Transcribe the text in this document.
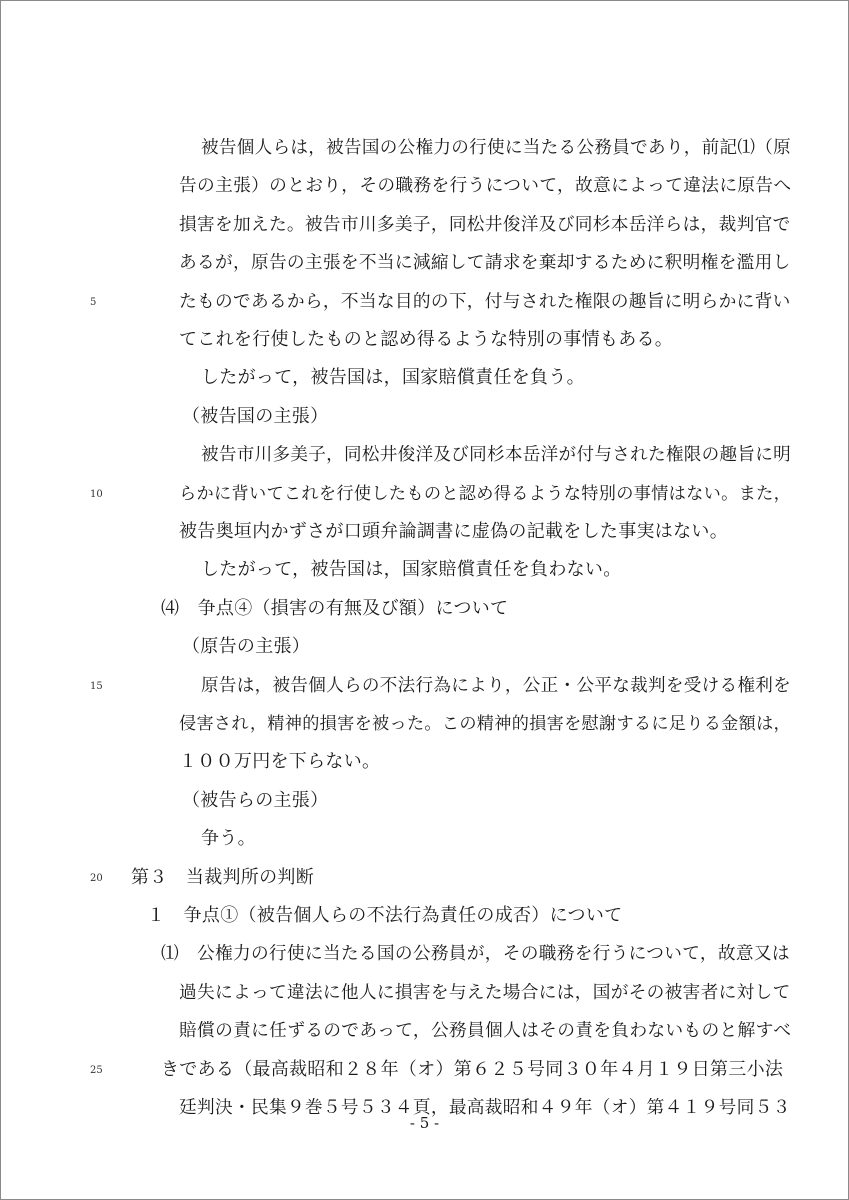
被告個人らは，被告国の公権力の行使に当たる公務員であり，前記⑴（原
告の主張）のとおり，その職務を行うについて，故意によって違法に原告へ
損害を加えた。被告市川多美子，同松井俊洋及び同杉本岳洋らは，裁判官で
あるが，原告の主張を不当に減縮して請求を棄却するために釈明権を濫用し
たものであるから，不当な目的の下，付与された権限の趣旨に明らかに背い
てこれを行使したものと認め得るような特別の事情もある。
したがって，被告国は，国家賠償責任を負う。
（被告国の主張）
被告市川多美子，同松井俊洋及び同杉本岳洋が付与された権限の趣旨に明
らかに背いてこれを行使したものと認め得るような特別の事情はない。また，
被告奥垣内かずさが口頭弁論調書に虚偽の記載をした事実はない。
したがって，被告国は，国家賠償責任を負わない。
⑷　争点④（損害の有無及び額）について
（原告の主張）
原告は，被告個人らの不法行為により，公正・公平な裁判を受ける権利を
侵害され，精神的損害を被った。この精神的損害を慰謝するに足りる金額は，
１００万円を下らない。
（被告らの主張）
争う。
第３　当裁判所の判断
１　争点①（被告個人らの不法行為責任の成否）について
⑴　公権力の行使に当たる国の公務員が，その職務を行うについて，故意又は
過失によって違法に他人に損害を与えた場合には，国がその被害者に対して
賠償の責に任ずるのであって，公務員個人はその責を負わないものと解すべ
きである（最高裁昭和２８年（オ）第６２５号同３０年４月１９日第三小法
廷判決・民集９巻５号５３４頁，最高裁昭和４９年（オ）第４１９号同５３
5
10
15
20
25
- 5 -
